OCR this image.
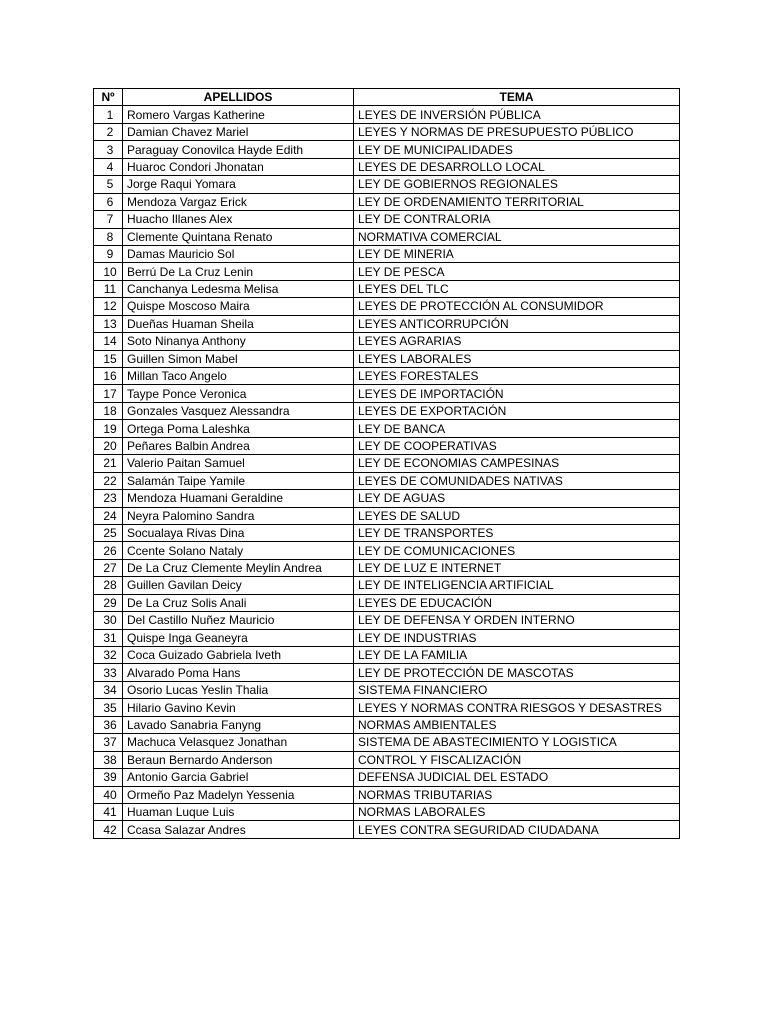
Nº	APELLIDOS	TEMA
1	Romero Vargas Katherine	LEYES DE INVERSIÓN PÚBLICA
2	Damian Chavez Mariel	LEYES Y NORMAS DE PRESUPUESTO PÚBLICO
3	Paraguay Conovilca Hayde Edith	LEY DE MUNICIPALIDADES
4	Huaroc Condori Jhonatan	LEYES DE DESARROLLO LOCAL
5	Jorge Raqui Yomara	LEY DE GOBIERNOS REGIONALES
6	Mendoza Vargaz Erick	LEY DE ORDENAMIENTO TERRITORIAL
7	Huacho Illanes Alex	LEY DE CONTRALORIA
8	Clemente Quintana Renato	NORMATIVA COMERCIAL
9	Damas Mauricio Sol	LEY DE MINERIA
10	Berrú De La Cruz Lenin	LEY DE PESCA
11	Canchanya Ledesma Melisa	LEYES DEL TLC
12	Quispe Moscoso Maira	LEYES DE PROTECCIÓN AL CONSUMIDOR
13	Dueñas Huaman Sheila	LEYES ANTICORRUPCIÓN
14	Soto Ninanya Anthony	LEYES AGRARIAS
15	Guillen Simon Mabel	LEYES LABORALES
16	Millan Taco Angelo	LEYES FORESTALES
17	Taype Ponce Veronica	LEYES DE IMPORTACIÓN
18	Gonzales Vasquez Alessandra	LEYES DE EXPORTACIÓN
19	Ortega Poma Laleshka	LEY DE BANCA
20	Peñares Balbin Andrea	LEY DE COOPERATIVAS
21	Valerio Paitan Samuel	LEY DE ECONOMIAS CAMPESINAS
22	Salamán Taipe Yamile	LEYES DE COMUNIDADES NATIVAS
23	Mendoza Huamani Geraldine	LEY DE AGUAS
24	Neyra Palomino Sandra	LEYES DE SALUD
25	Socualaya Rivas Dina	LEY DE TRANSPORTES
26	Ccente Solano Nataly	LEY DE COMUNICACIONES
27	De La Cruz Clemente Meylin Andrea	LEY DE LUZ E INTERNET
28	Guillen Gavilan Deicy	LEY DE INTELIGENCIA ARTIFICIAL
29	De La Cruz Solis Anali	LEYES DE EDUCACIÓN
30	Del Castillo Nuñez Mauricio	LEY DE DEFENSA Y ORDEN INTERNO
31	Quispe Inga Geaneyra	LEY DE INDUSTRIAS
32	Coca Guizado Gabriela Iveth	LEY DE LA FAMILIA
33	Alvarado Poma Hans	LEY DE PROTECCIÓN DE MASCOTAS
34	Osorio Lucas Yeslin Thalia	SISTEMA FINANCIERO
35	Hilario Gavino Kevin	LEYES Y NORMAS CONTRA RIESGOS Y DESASTRES
36	Lavado Sanabria Fanyng	NORMAS AMBIENTALES
37	Machuca Velasquez Jonathan	SISTEMA DE ABASTECIMIENTO Y LOGISTICA
38	Beraun Bernardo Anderson	CONTROL Y FISCALIZACIÓN
39	Antonio Garcia Gabriel	DEFENSA JUDICIAL DEL ESTADO
40	Ormeño Paz Madelyn Yessenia	NORMAS TRIBUTARIAS
41	Huaman Luque Luis	NORMAS LABORALES
42	Ccasa Salazar Andres	LEYES CONTRA SEGURIDAD CIUDADANA
